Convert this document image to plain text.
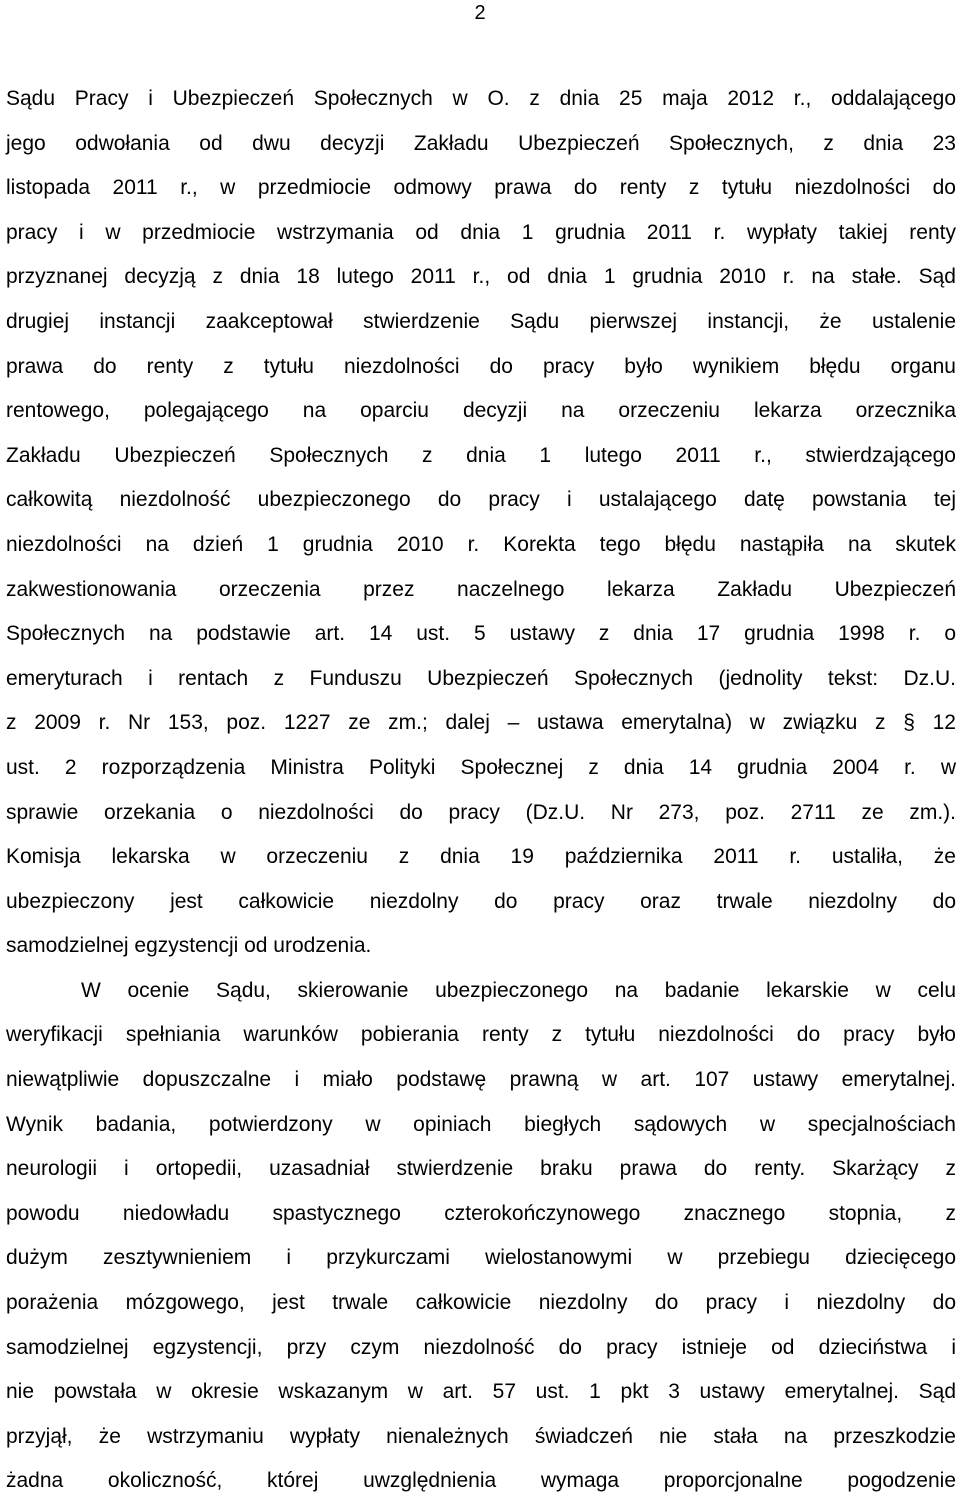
2
Sądu Pracy i Ubezpieczeń Społecznych w O. z dnia 25 maja 2012 r., oddalającego
jego odwołania od dwu decyzji Zakładu Ubezpieczeń Społecznych, z dnia 23
listopada 2011 r., w przedmiocie odmowy prawa do renty z tytułu niezdolności do
pracy i w przedmiocie wstrzymania od dnia 1 grudnia 2011 r. wypłaty takiej renty
przyznanej decyzją z dnia 18 lutego 2011 r., od dnia 1 grudnia 2010 r. na stałe. Sąd
drugiej instancji zaakceptował stwierdzenie Sądu pierwszej instancji, że ustalenie
prawa do renty z tytułu niezdolności do pracy było wynikiem błędu organu
rentowego, polegającego na oparciu decyzji na orzeczeniu lekarza orzecznika
Zakładu Ubezpieczeń Społecznych z dnia 1 lutego 2011 r., stwierdzającego
całkowitą niezdolność ubezpieczonego do pracy i ustalającego datę powstania tej
niezdolności na dzień 1 grudnia 2010 r. Korekta tego błędu nastąpiła na skutek
zakwestionowania orzeczenia przez naczelnego lekarza Zakładu Ubezpieczeń
Społecznych na podstawie art. 14 ust. 5 ustawy z dnia 17 grudnia 1998 r. o
emeryturach i rentach z Funduszu Ubezpieczeń Społecznych (jednolity tekst: Dz.U.
z 2009 r. Nr 153, poz. 1227 ze zm.; dalej – ustawa emerytalna) w związku z § 12
ust. 2 rozporządzenia Ministra Polityki Społecznej z dnia 14 grudnia 2004 r. w
sprawie orzekania o niezdolności do pracy (Dz.U. Nr 273, poz. 2711 ze zm.).
Komisja lekarska w orzeczeniu z dnia 19 października 2011 r. ustaliła, że
ubezpieczony jest całkowicie niezdolny do pracy oraz trwale niezdolny do
samodzielnej egzystencji od urodzenia.
W ocenie Sądu, skierowanie ubezpieczonego na badanie lekarskie w celu
weryfikacji spełniania warunków pobierania renty z tytułu niezdolności do pracy było
niewątpliwie dopuszczalne i miało podstawę prawną w art. 107 ustawy emerytalnej.
Wynik badania, potwierdzony w opiniach biegłych sądowych w specjalnościach
neurologii i ortopedii, uzasadniał stwierdzenie braku prawa do renty. Skarżący z
powodu niedowładu spastycznego czterokończynowego znacznego stopnia, z
dużym zesztywnieniem i przykurczami wielostanowymi w przebiegu dziecięcego
porażenia mózgowego, jest trwale całkowicie niezdolny do pracy i niezdolny do
samodzielnej egzystencji, przy czym niezdolność do pracy istnieje od dzieciństwa i
nie powstała w okresie wskazanym w art. 57 ust. 1 pkt 3 ustawy emerytalnej. Sąd
przyjął, że wstrzymaniu wypłaty nienależnych świadczeń nie stała na przeszkodzie
żadna okoliczność, której uwzględnienia wymaga proporcjonalne pogodzenie
